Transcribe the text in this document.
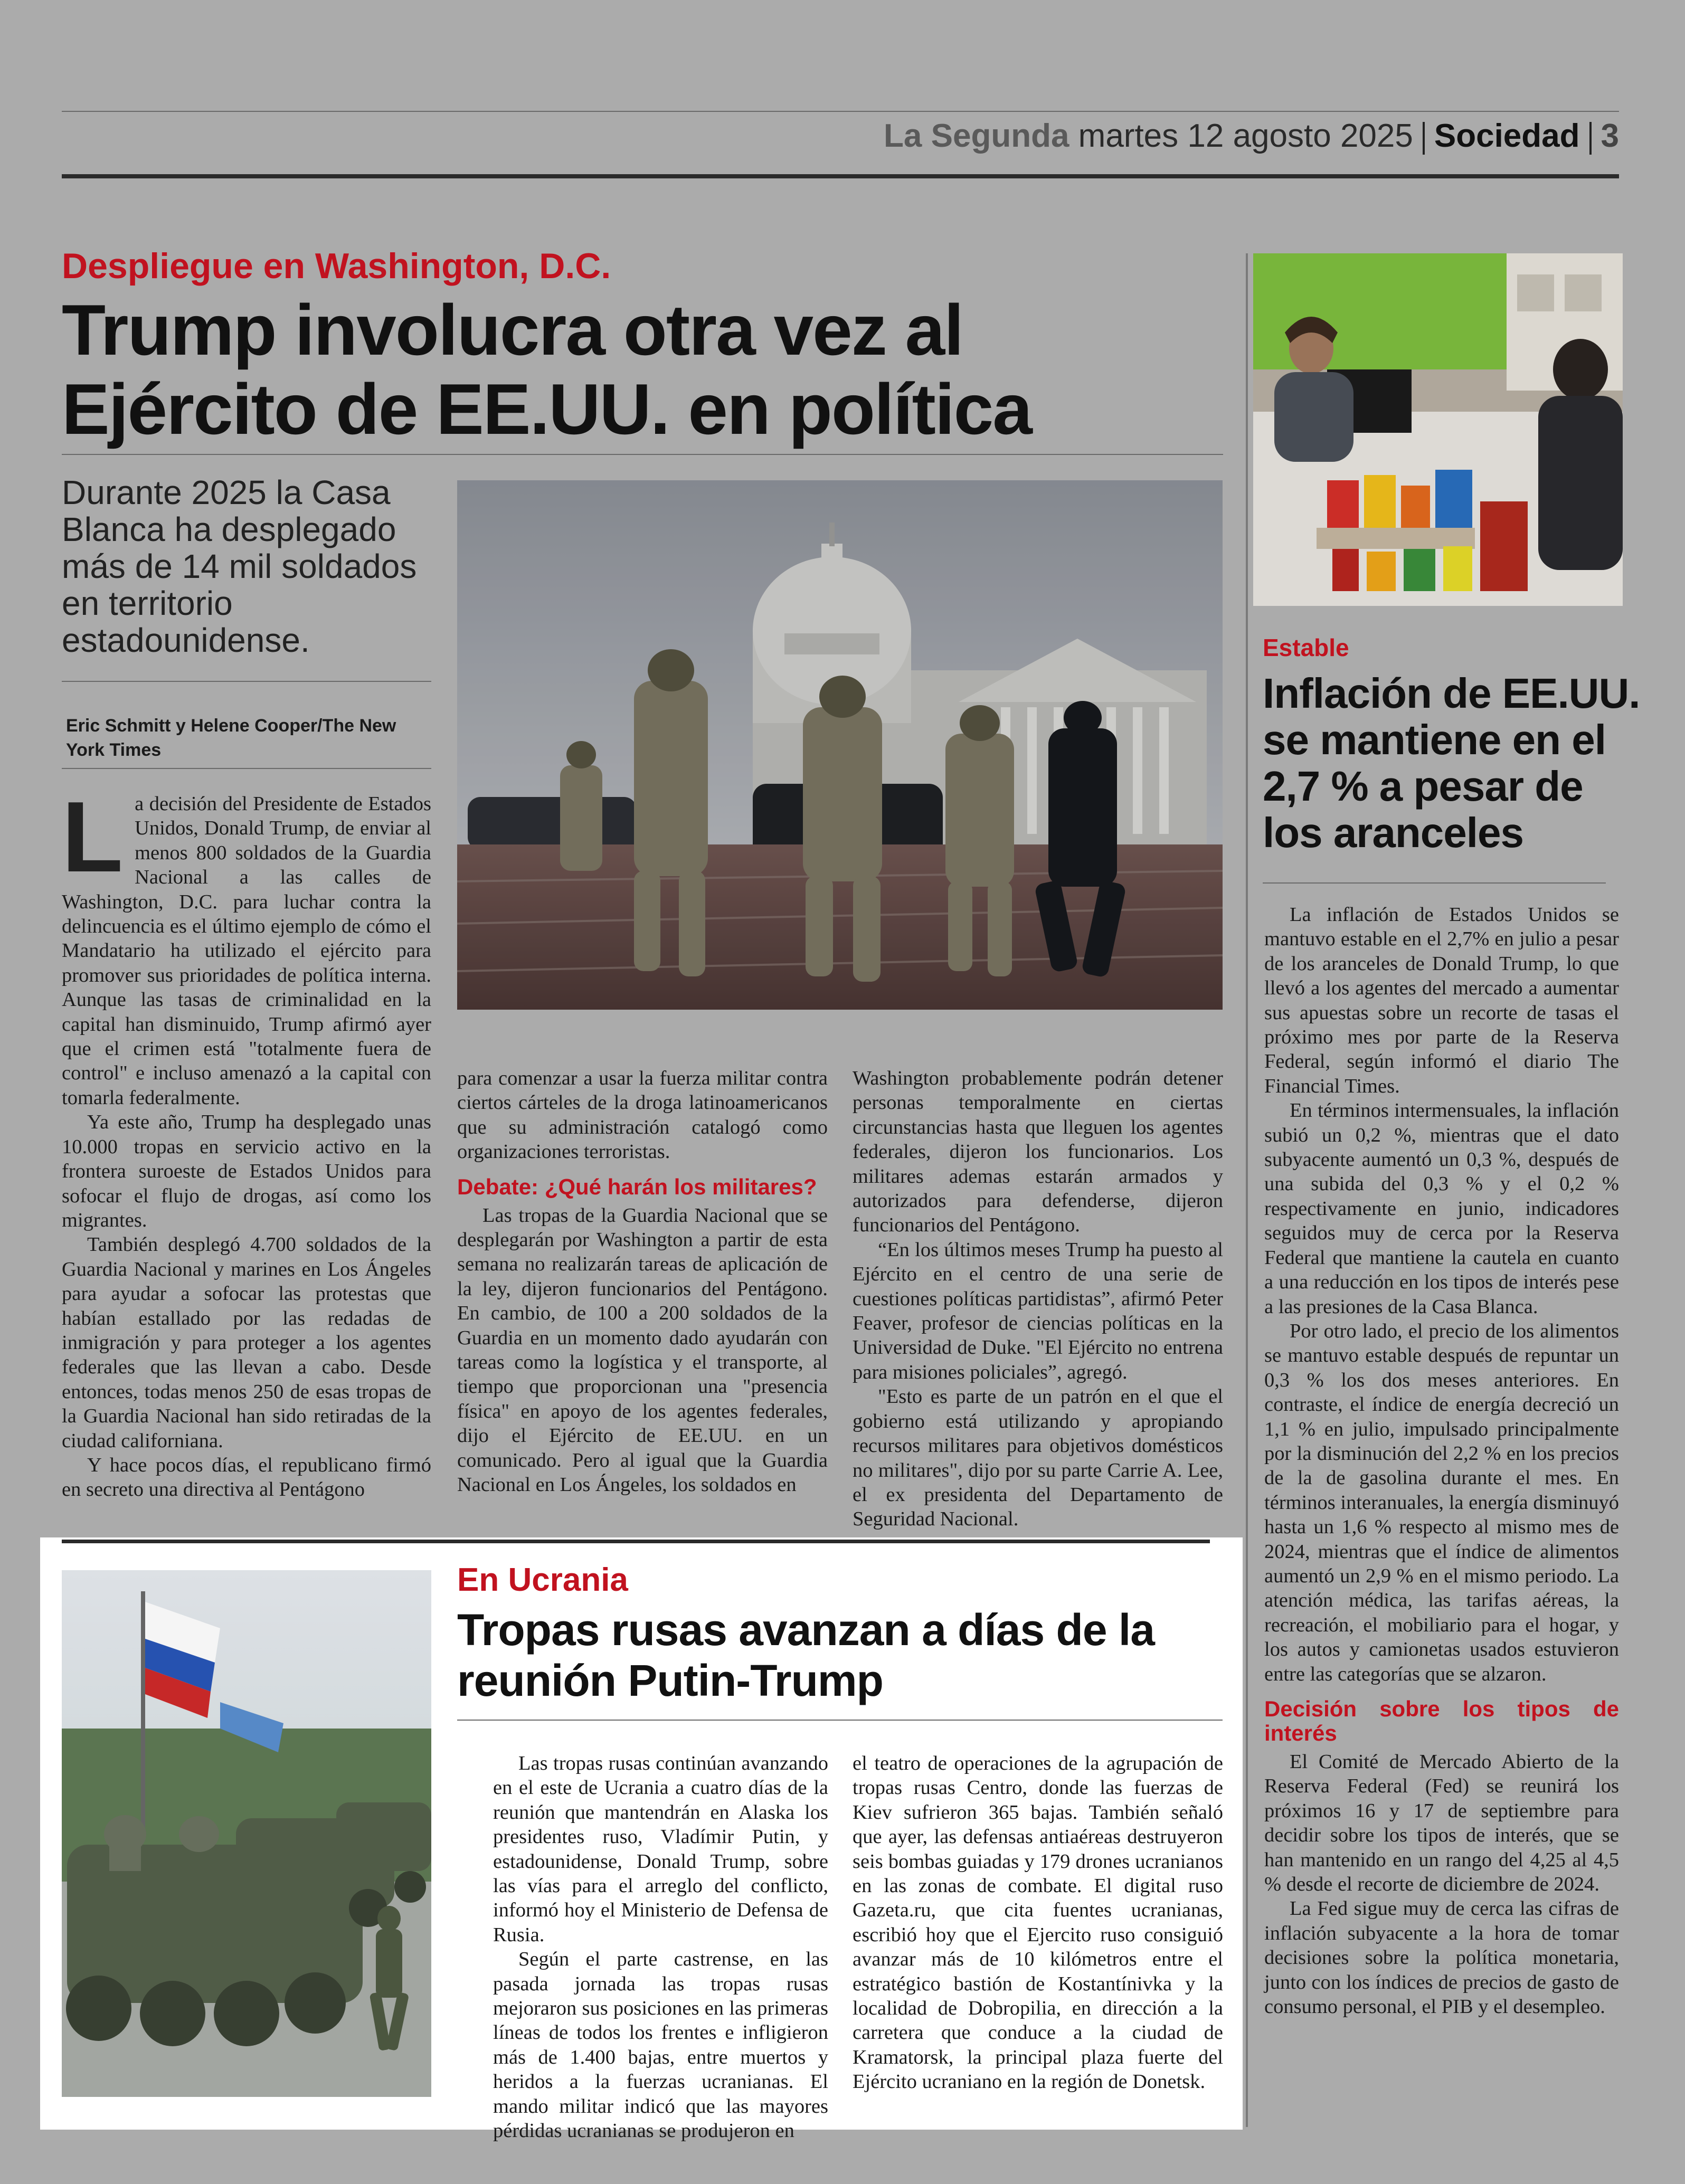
La Segunda martes 12 agosto 2025 Sociedad 3
Despliegue en Washington, D.C.
Trump involucra otra vez al
Ejército de EE.UU. en política
Durante 2025 la Casa Blanca ha desplegado más de 14 mil soldados en territorio estadounidense.
Eric Schmitt y Helene Cooper/The New York Times

La decisión del Presidente de Estados Unidos, Donald Trump, de enviar al menos 800 soldados de la Guardia Nacional a las calles de Washington, D.C. para luchar contra la delincuencia es el último ejemplo de cómo el Mandatario ha utilizado el ejército para promover sus prioridades de política interna. Aunque las tasas de criminalidad en la capital han disminuido, Trump afirmó ayer que el crimen está "totalmente fuera de control" e incluso amenazó a la capital con tomarla federalmente.

Ya este año, Trump ha desplegado unas 10.000 tropas en servicio activo en la frontera suroeste de Estados Unidos para sofocar el flujo de drogas, así como los migrantes.

También desplegó 4.700 soldados de la Guardia Nacional y marines en Los Ángeles para ayudar a sofocar las protestas que habían estallado por las redadas de inmigración y para proteger a los agentes federales que las llevan a cabo. Desde entonces, todas menos 250 de esas tropas de la Guardia Nacional han sido retiradas de la ciudad californiana.

Y hace pocos días, el republicano firmó en secreto una directiva al Pentágono

para comenzar a usar la fuerza militar contra ciertos cárteles de la droga latinoamericanos que su administración catalogó como organizaciones terroristas.

Debate: ¿Qué harán los militares?

Las tropas de la Guardia Nacional que se desplegarán por Washington a partir de esta semana no realizarán tareas de aplicación de la ley, dijeron funcionarios del Pentágono. En cambio, de 100 a 200 soldados de la Guardia en un momento dado ayudarán con tareas como la logística y el transporte, al tiempo que proporcionan una "presencia física" en apoyo de los agentes federales, dijo el Ejército de EE.UU. en un comunicado. Pero al igual que la Guardia Nacional en Los Ángeles, los soldados en

Washington probablemente podrán detener personas temporalmente en ciertas circunstancias hasta que lleguen los agentes federales, dijeron los funcionarios. Los militares ademas estarán armados y autorizados para defenderse, dijeron funcionarios del Pentágono.

“En los últimos meses Trump ha puesto al Ejército en el centro de una serie de cuestiones políticas partidistas”, afirmó Peter Feaver, profesor de ciencias políticas en la Universidad de Duke. "El Ejército no entrena para misiones policiales”, agregó.

"Esto es parte de un patrón en el que el gobierno está utilizando y apropiando recursos militares para objetivos domésticos no militares", dijo por su parte Carrie A. Lee, el ex presidenta del Departamento de Seguridad Nacional.

Estable
Inflación de EE.UU. se mantiene en el 2,7 % a pesar de los aranceles

La inflación de Estados Unidos se mantuvo estable en el 2,7% en julio a pesar de los aranceles de Donald Trump, lo que llevó a los agentes del mercado a aumentar sus apuestas sobre un recorte de tasas el próximo mes por parte de la Reserva Federal, según informó el diario The Financial Times.

En términos intermensuales, la inflación subió un 0,2 %, mientras que el dato subyacente aumentó un 0,3 %, después de una subida del 0,3 % y el 0,2 % respectivamente en junio, indicadores seguidos muy de cerca por la Reserva Federal que mantiene la cautela en cuanto a una reducción en los tipos de interés pese a las presiones de la Casa Blanca.

Por otro lado, el precio de los alimentos se mantuvo estable después de repuntar un 0,3 % los dos meses anteriores. En contraste, el índice de energía decreció un 1,1 % en julio, impulsado principalmente por la disminución del 2,2 % en los precios de la de gasolina durante el mes. En términos interanuales, la energía disminuyó hasta un 1,6 % respecto al mismo mes de 2024, mientras que el índice de alimentos aumentó un 2,9 % en el mismo periodo. La atención médica, las tarifas aéreas, la recreación, el mobiliario para el hogar, y los autos y camionetas usados estuvieron entre las categorías que se alzaron.

Decisión sobre los tipos de interés

El Comité de Mercado Abierto de la Reserva Federal (Fed) se reunirá los próximos 16 y 17 de septiembre para decidir sobre los tipos de interés, que se han mantenido en un rango del 4,25 al 4,5 % desde el recorte de diciembre de 2024.

La Fed sigue muy de cerca las cifras de inflación subyacente a la hora de tomar decisiones sobre la política monetaria, junto con los índices de precios de gasto de consumo personal, el PIB y el desempleo.

En Ucrania
Tropas rusas avanzan a días de la reunión Putin-Trump

Las tropas rusas continúan avanzando en el este de Ucrania a cuatro días de la reunión que mantendrán en Alaska los presidentes ruso, Vladímir Putin, y estadounidense, Donald Trump, sobre las vías para el arreglo del conflicto, informó hoy el Ministerio de Defensa de Rusia.

Según el parte castrense, en las pasada jornada las tropas rusas mejoraron sus posiciones en las primeras líneas de todos los frentes e infligieron más de 1.400 bajas, entre muertos y heridos a la fuerzas ucranianas. El mando militar indicó que las mayores pérdidas ucranianas se produjeron en

el teatro de operaciones de la agrupación de tropas rusas Centro, donde las fuerzas de Kiev sufrieron 365 bajas. También señaló que ayer, las defensas antiaéreas destruyeron seis bombas guiadas y 179 drones ucranianos en las zonas de combate. El digital ruso Gazeta.ru, que cita fuentes ucranianas, escribió hoy que el Ejercito ruso consiguió avanzar más de 10 kilómetros entre el estratégico bastión de Kostantínivka y la localidad de Dobropilia, en dirección a la carretera que conduce a la ciudad de Kramatorsk, la principal plaza fuerte del Ejército ucraniano en la región de Donetsk.
